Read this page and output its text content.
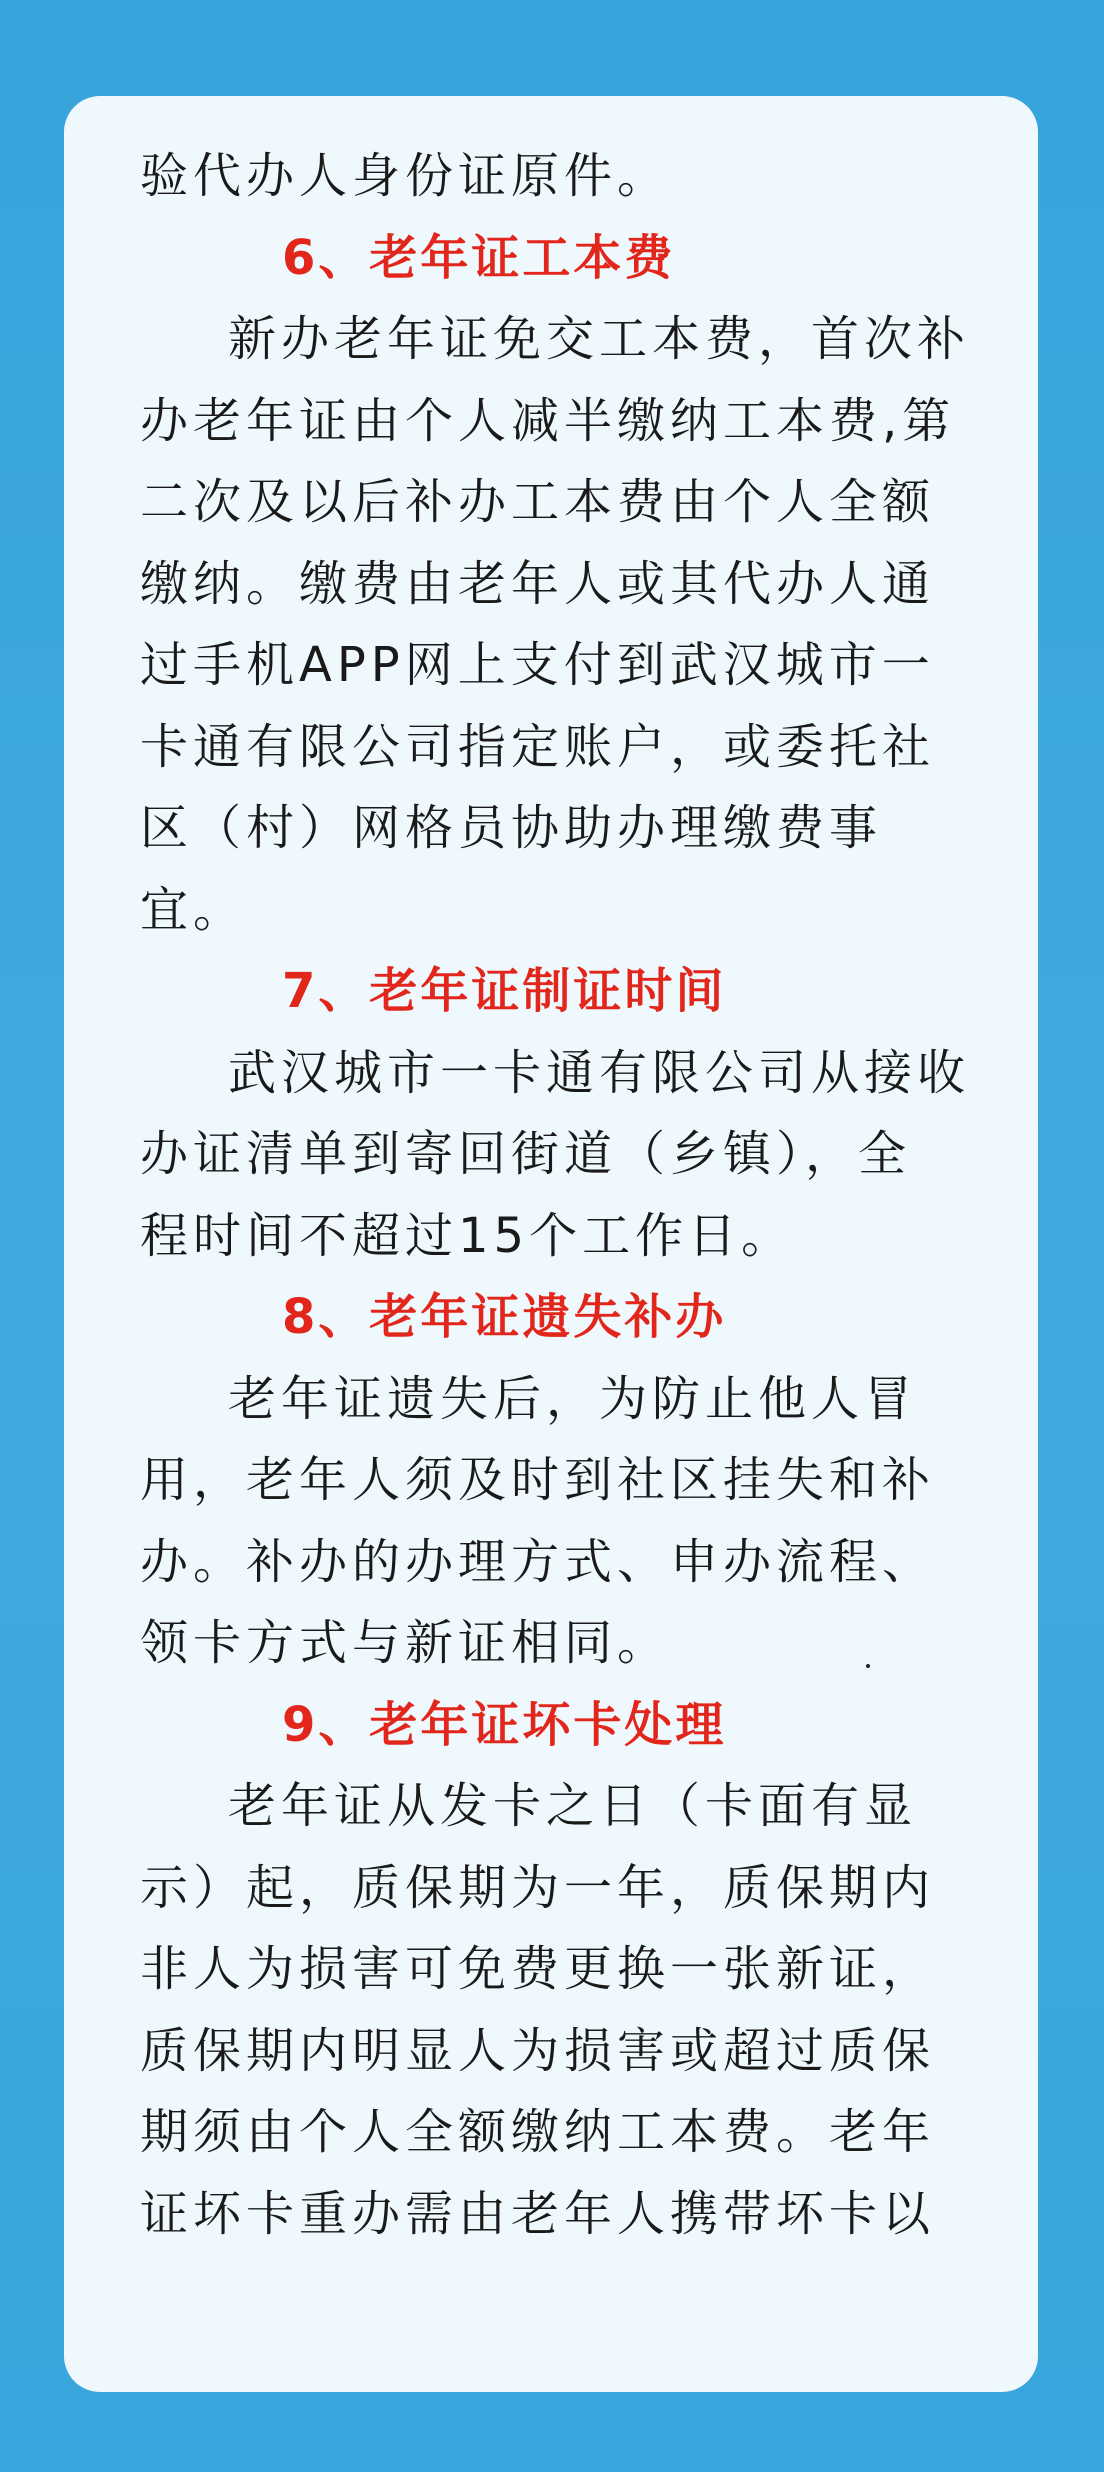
验代办人身份证原件。
6、老年证工本费
新办老年证免交工本费，首次补
办老年证由个人减半缴纳工本费,第
二次及以后补办工本费由个人全额
缴纳。缴费由老年人或其代办人通
过手机APP网上支付到武汉城市一
卡通有限公司指定账户，或委托社
区（村）网格员协助办理缴费事
宜。
7、老年证制证时间
武汉城市一卡通有限公司从接收
办证清单到寄回街道（乡镇），全
程时间不超过15个工作日。
8、老年证遗失补办
老年证遗失后，为防止他人冒
用，老年人须及时到社区挂失和补
办。补办的办理方式、申办流程、
领卡方式与新证相同。
9、老年证坏卡处理
老年证从发卡之日（卡面有显
示）起，质保期为一年，质保期内
非人为损害可免费更换一张新证，
质保期内明显人为损害或超过质保
期须由个人全额缴纳工本费。老年
证坏卡重办需由老年人携带坏卡以
